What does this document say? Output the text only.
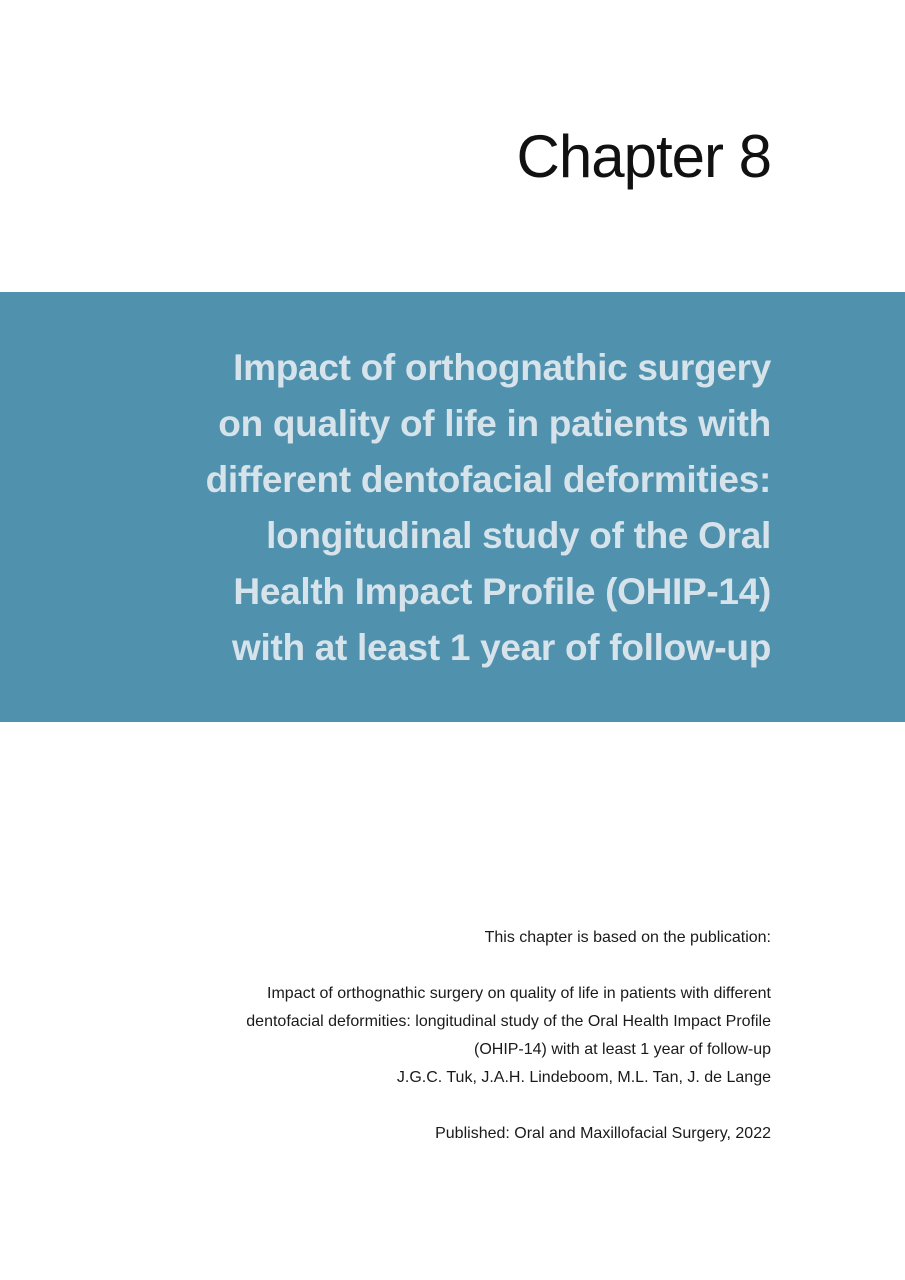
Chapter 8
Impact of orthognathic surgery
on quality of life in patients with
different dentofacial deformities:
longitudinal study of the Oral
Health Impact Profile (OHIP-14)
with at least 1 year of follow-up

This chapter is based on the publication:

Impact of orthognathic surgery on quality of life in patients with different

dentofacial deformities: longitudinal study of the Oral Health Impact Profile

(OHIP-14) with at least 1 year of follow-up

J.G.C. Tuk, J.A.H. Lindeboom, M.L. Tan, J. de Lange

Published: Oral and Maxillofacial Surgery, 2022
